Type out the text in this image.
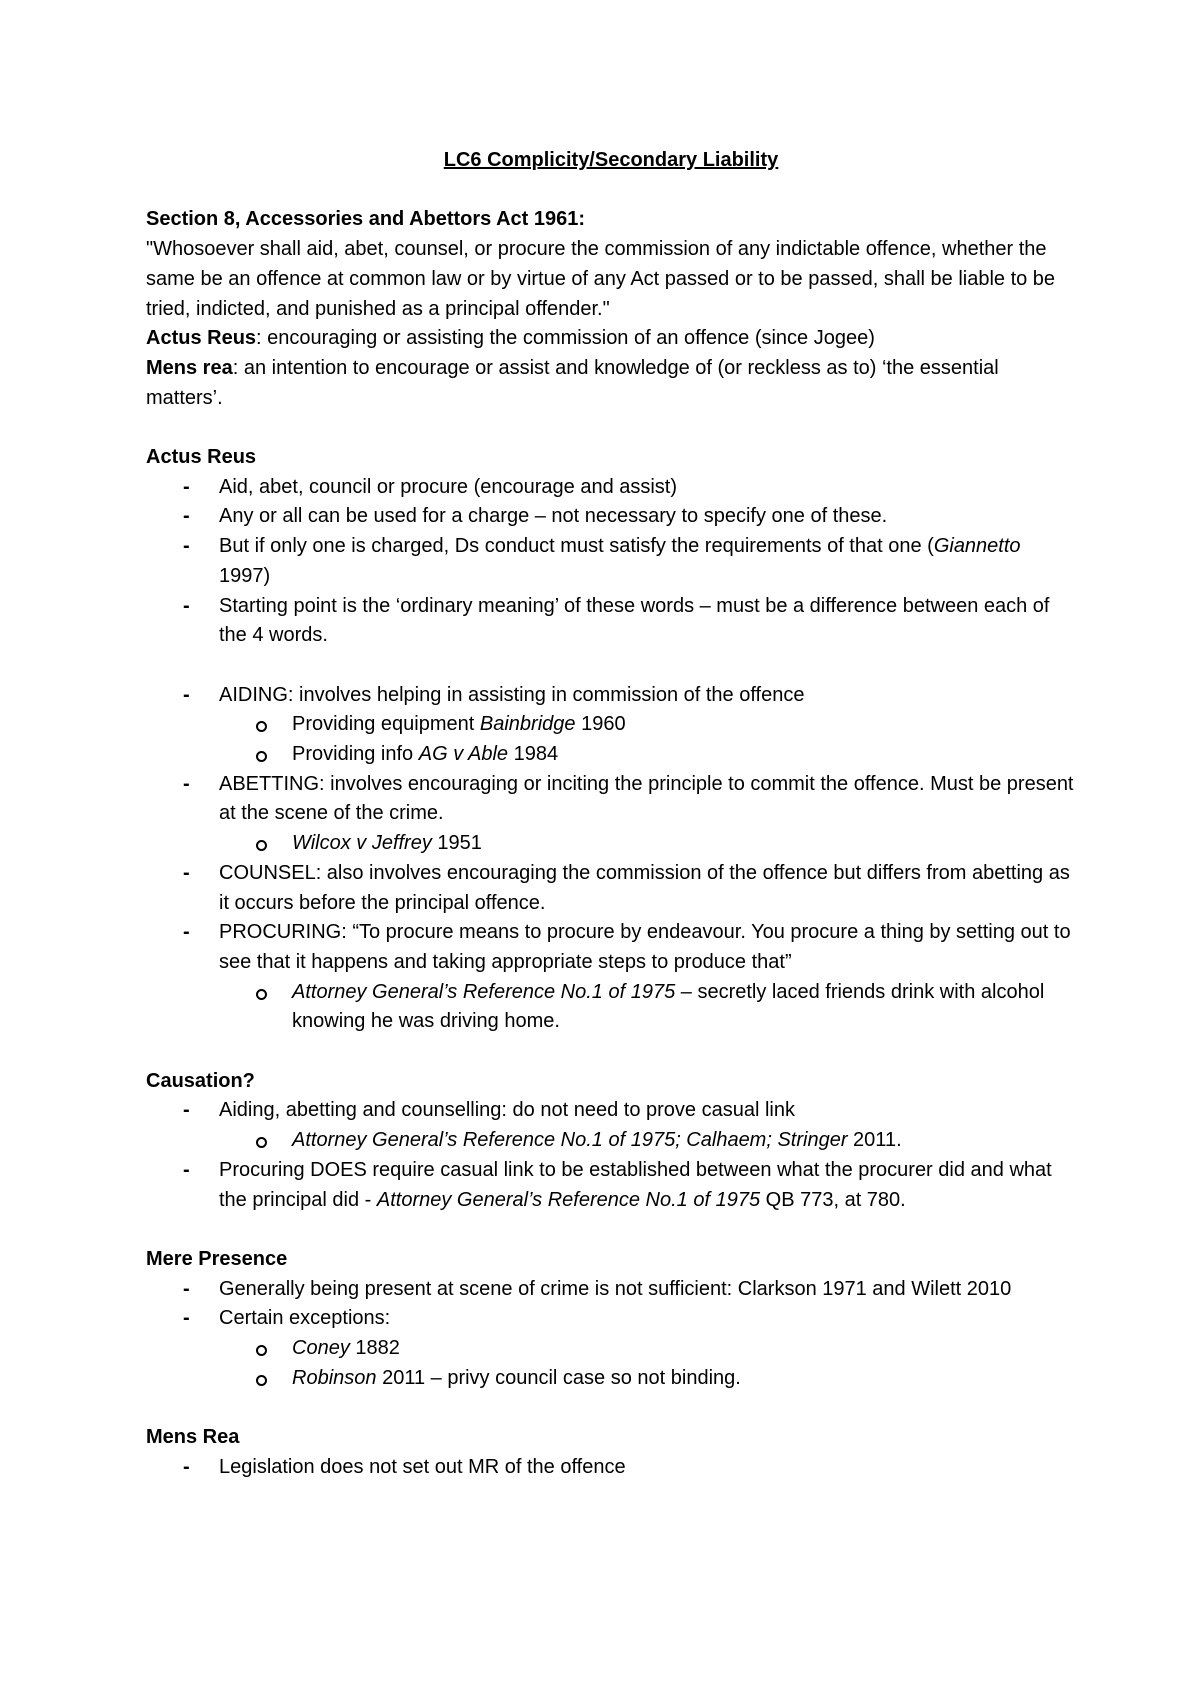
LC6 Complicity/Secondary Liability

Section 8, Accessories and Abettors Act 1961:

"Whosoever shall aid, abet, counsel, or procure the commission of any indictable offence, whether the same be an offence at common law or by virtue of any Act passed or to be passed, shall be liable to be tried, indicted, and punished as a principal offender."

Actus Reus: encouraging or assisting the commission of an offence (since Jogee)

Mens rea: an intention to encourage or assist and knowledge of (or reckless as to) ‘the essential matters’.

Actus Reus

- Aid, abet, council or procure (encourage and assist)
- Any or all can be used for a charge – not necessary to specify one of these.
- But if only one is charged, Ds conduct must satisfy the requirements of that one (Giannetto 1997)
- Starting point is the ‘ordinary meaning’ of these words – must be a difference between each of the 4 words.
- AIDING: involves helping in assisting in commission of the offence
Providing equipment Bainbridge 1960
Providing info AG v Able 1984
- ABETTING: involves encouraging or inciting the principle to commit the offence. Must be present at the scene of the crime.
Wilcox v Jeffrey 1951
- COUNSEL: also involves encouraging the commission of the offence but differs from abetting as it occurs before the principal offence.
- PROCURING: “To procure means to procure by endeavour. You procure a thing by setting out to see that it happens and taking appropriate steps to produce that”
Attorney General’s Reference No.1 of 1975 – secretly laced friends drink with alcohol knowing he was driving home.

Causation?

- Aiding, abetting and counselling: do not need to prove casual link
Attorney General’s Reference No.1 of 1975; Calhaem; Stringer 2011.
- Procuring DOES require casual link to be established between what the procurer did and what the principal did - Attorney General’s Reference No.1 of 1975 QB 773, at 780.

Mere Presence

- Generally being present at scene of crime is not sufficient: Clarkson 1971 and Wilett 2010
- Certain exceptions:
Coney 1882
Robinson 2011 – privy council case so not binding.

Mens Rea

- Legislation does not set out MR of the offence
